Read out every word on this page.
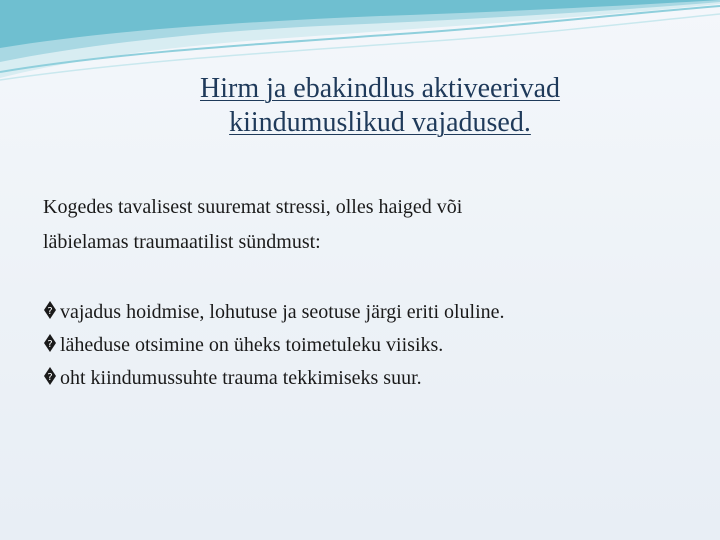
Hirm ja ebakindlus aktiveerivad
kiindumuslikud vajadused.
Kogedes tavalisest suuremat stressi, olles haiged või
läbielamas traumaatilist sündmust:
? vajadus hoidmise, lohutuse ja seotuse järgi eriti oluline.
? läheduse otsimine on üheks toimetuleku viisiks.
? oht kiindumussuhte trauma tekkimiseks suur.
